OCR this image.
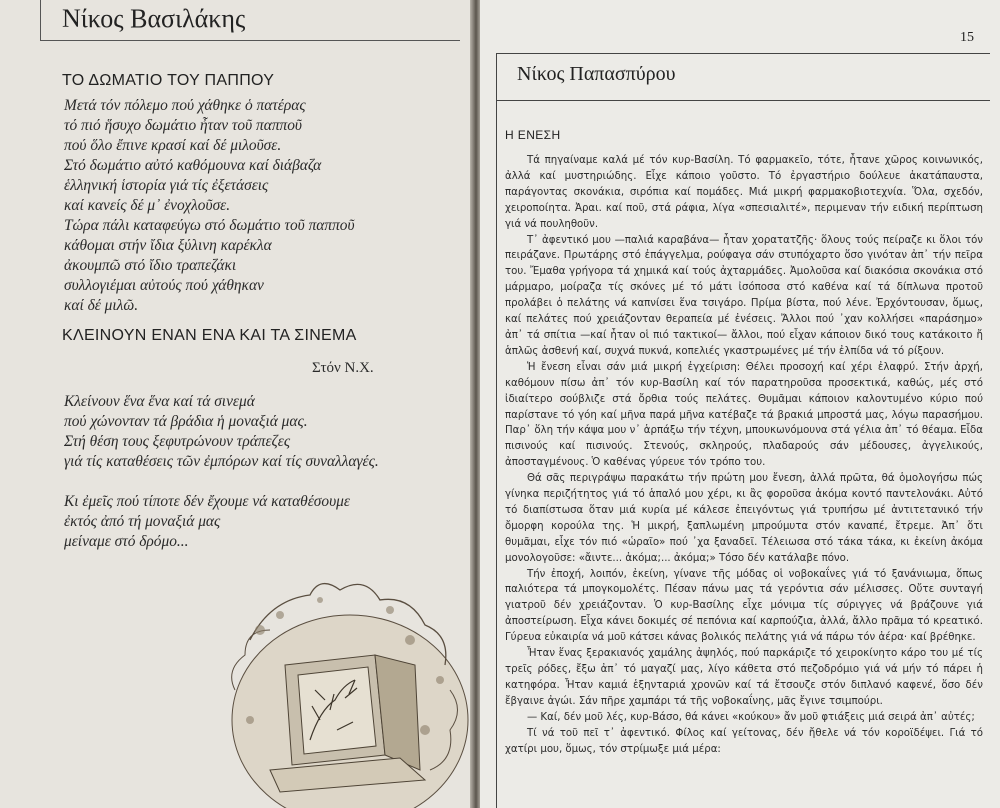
Νίκος Βασιλάκης
ΤΟ ΔΩΜΑΤΙΟ ΤΟΥ ΠΑΠΠΟΥ
Μετά τόν πόλεμο πού χάθηκε ὁ πατέρας
τό πιό ἥσυχο δωμάτιο ἦταν τοῦ παπποῦ
πού ὅλο ἔπινε κρασί καί δέ μιλοῦσε.
Στό δωμάτιο αὐτό καθόμουνα καί διάβαζα
ἑλληνική ἱστορία γιά τίς ἐξετάσεις
καί κανείς δέ μ᾽ ἐνοχλοῦσε.
Τώρα πάλι καταφεύγω στό δωμάτιο τοῦ παπποῦ
κάθομαι στήν ἴδια ξύλινη καρέκλα
ἀκουμπῶ στό ἴδιο τραπεζάκι
συλλογιέμαι αὐτούς πού χάθηκαν
καί δέ μιλῶ.
ΚΛΕΙΝΟΥΝ ΕΝΑΝ ΕΝΑ ΚΑΙ ΤΑ ΣΙΝΕΜΑ
Στόν Ν.Χ.
Κλείνουν ἕνα ἕνα καί τά σινεμά
πού χώνονταν τά βράδια ἡ μοναξιά μας.
Στή θέση τους ξεφυτρώνουν τράπεζες
γιά τίς καταθέσεις τῶν ἐμπόρων καί τίς συναλλαγές.
Κι ἐμεῖς πού τίποτε δέν ἔχουμε νά καταθέσουμε
ἐκτός ἀπό τή μοναξιά μας
μείναμε στό δρόμο...
15
Νίκος Παπασπύρου
Η ΕΝΕΣΗ

Τά πηγαίναμε καλά μέ τόν κυρ-Βασίλη. Τό φαρμακεῖο, τότε, ἦτανε χῶρος κοινωνικός, ἀλλά καί μυστηριώδης. Εἶχε κάποιο γοῦστο. Τό ἐργαστήριο δούλευε ἀκατάπαυστα, παράγοντας σκονάκια, σιρόπια καί πομάδες. Μιά μικρή φαρμακοβιοτεχνία. Ὅλα, σχεδόν, χειροποίητα. Ἀραι. καί ποῦ, στά ράφια, λίγα «σπεσιαλιτέ», περιμεναν τήν ειδική περίπτωση γιά νά πουληθοῦν.

Τ᾽ ἀφεντικό μου —παλιά καραβάνα— ἦταν χορατατζῆς· ὅλους τούς πείραζε κι ὅλοι τόν πειράζανε. Πρωτάρης στό ἐπάγγελμα, ρούφαγα σάν στυπόχαρτο ὅσο γινόταν ἀπ᾽ τήν πεῖρα του. Ἔμαθα γρήγορα τά χημικά καί τούς ἀχταρμάδες. Ἀμολοῦσα καί διακόσια σκονάκια στό μάρμαρο, μοίραζα τίς σκόνες μέ τό μάτι ἰσόποσα στό καθένα καί τά δίπλωνα προτοῦ προλάβει ὁ πελάτης νά καπνίσει ἕνα τσιγάρο. Πρίμα βίστα, πού λένε. Ἐρχόντουσαν, ὅμως, καί πελάτες πού χρειάζονταν θεραπεία μέ ἐνέσεις. Ἄλλοι πού ᾽χαν κολλήσει «παράσημο» ἀπ᾽ τά σπίτια —καί ἦταν οἱ πιό τακτικοί— ἄλλοι, πού εἶχαν κάποιον δικό τους κατάκοιτο ἤ ἁπλῶς ἀσθενή καί, συχνά πυκνά, κοπελιές γκαστρωμένες μέ τήν ἐλπίδα νά τό ρίξουν.

Ἡ ἔνεση εἶναι σάν μιά μικρή ἐγχείριση: Θέλει προσοχή καί χέρι ἐλαφρύ. Στήν ἀρχή, καθόμουν πίσω ἀπ᾽ τόν κυρ-Βασίλη καί τόν παρατηροῦσα προσεκτικά, καθώς, μές στό ἰδιαίτερο σούβλιζε στά ὄρθια τούς πελάτες. Θυμᾶμαι κάποιον καλοντυμένο κύριο πού παρίστανε τό γόη καί μῆνα παρά μῆνα κατέβαζε τά βρακιά μπροστά μας, λόγω παρασήμου. Παρ᾽ ὅλη τήν κάψα μου ν᾽ ἁρπάξω τήν τέχνη, μπουκωνόμουνα στά γέλια ἀπ᾽ τό θέαμα. Εἶδα πισινούς καί πισινούς. Στενούς, σκληρούς, πλαδαρούς σάν μέδουσες, ἀγγελικούς, ἀποσταγμένους. Ὁ καθένας γύρευε τόν τρόπο του.

Θά σᾶς περιγράψω παρακάτω τήν πρώτη μου ἔνεση, ἀλλά πρῶτα, θά ὁμολογήσω πώς γίνηκα περιζήτητος γιά τό ἁπαλό μου χέρι, κι ἂς φοροῦσα ἀκόμα κοντό παντελονάκι. Αὐτό τό διαπίστωσα ὅταν μιά κυρία μέ κάλεσε ἐπειγόντως γιά τρυπήσω μέ ἀντιτετανικό τήν ὄμορφη κορούλα της. Ἡ μικρή, ξαπλωμένη μπρούμυτα στόν καναπέ, ἔτρεμε. Ἀπ᾽ ὅτι θυμᾶμαι, εἶχε τόν πιό «ὡραῖο» πού ᾽χα ξαναδεῖ. Τέλειωσα στό τάκα τάκα, κι ἐκείνη ἀκόμα μονολογοῦσε: «ἄιντε... ἀκόμα;... ἀκόμα;» Τόσο δέν κατάλαβε πόνο.

Τήν ἐποχή, λοιπόν, ἐκείνη, γίνανε τῆς μόδας οἱ νοβοκαΐνες γιά τό ξανάνιωμα, ὅπως παλιότερα τά μπογκομολέτς. Πέσαν πάνω μας τά γερόντια σάν μέλισσες. Οὔτε συνταγή γιατροῦ δέν χρειάζονταν. Ὁ κυρ-Βασίλης εἶχε μόνιμα τίς σύριγγες νά βράζουνε γιά ἀποστείρωση. Εἶχα κάνει δοκιμές σέ πεπόνια καί καρπούζια, ἀλλά, ἄλλο πρᾶμα τό κρεατικό. Γύρευα εὐκαιρία νά μοῦ κάτσει κάνας βολικός πελάτης γιά νά πάρω τόν ἀέρα· καί βρέθηκε.

Ἦταν ἕνας ξερακιανός χαμάλης ἀψηλός, πού παρκάριζε τό χειροκίνητο κάρο του μέ τίς τρεῖς ρόδες, ἔξω ἀπ᾽ τό μαγαζί μας, λίγο κάθετα στό πεζοδρόμιο γιά νά μήν τό πάρει ἡ κατηφόρα. Ἦταν καμιά ἑξηνταριά χρονῶν καί τά ἔτσουζε στόν διπλανό καφενέ, ὅσο δέν ἔβγαινε ἀγώι. Σάν πῆρε χαμπάρι τά τῆς νοβοκαΐνης, μᾶς ἔγινε τσιμπούρι.

— Καί, δέν μοῦ λές, κυρ-Βάσο, θά κάνει «κούκου» ἄν μοῦ φτιάξεις μιά σειρά ἀπ᾽ αὐτές;

Τί νά τοῦ πεῖ τ᾽ ἀφεντικό. Φίλος καί γείτονας, δέν ἤθελε νά τόν κοροϊδέψει. Γιά τό χατίρι μου, ὅμως, τόν στρίμωξε μιά μέρα:
